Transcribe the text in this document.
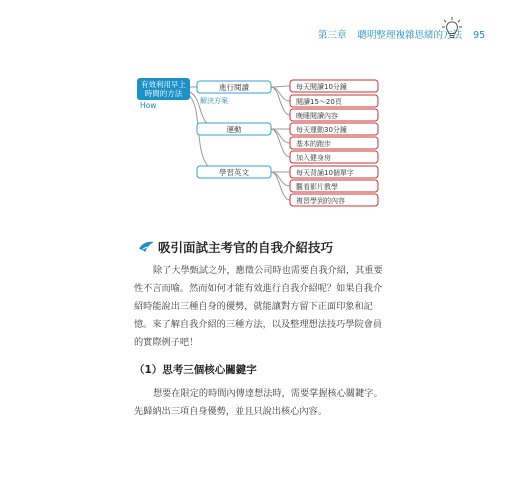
第三章 聰明整理複雜思緒的方法 95
有效利用早上
時間的方法
How	解決方案
進行閱讀
運動
學習英文
每天閱讀10分鐘
閱讀15～20頁
晚睡閱讀內容
每天運動30分鐘
基本的跑步
加入健身房
每天背誦10個單字
觀看影片教學
複習學到的內容
吸引面試主考官的自我介紹技巧
除了大學甄試之外，應徵公司時也需要自我介紹，其重要
性不言而喻。然而如何才能有效進行自我介紹呢？如果自我介
紹時能說出三種自身的優勢，就能讓對方留下正面印象和記
憶。來了解自我介紹的三種方法，以及整理想法技巧學院會員
的實際例子吧！
（1）思考三個核心關鍵字
想要在限定的時間內傳達想法時，需要掌握核心關鍵字。
先歸納出三項自身優勢，並且只說出核心內容。
